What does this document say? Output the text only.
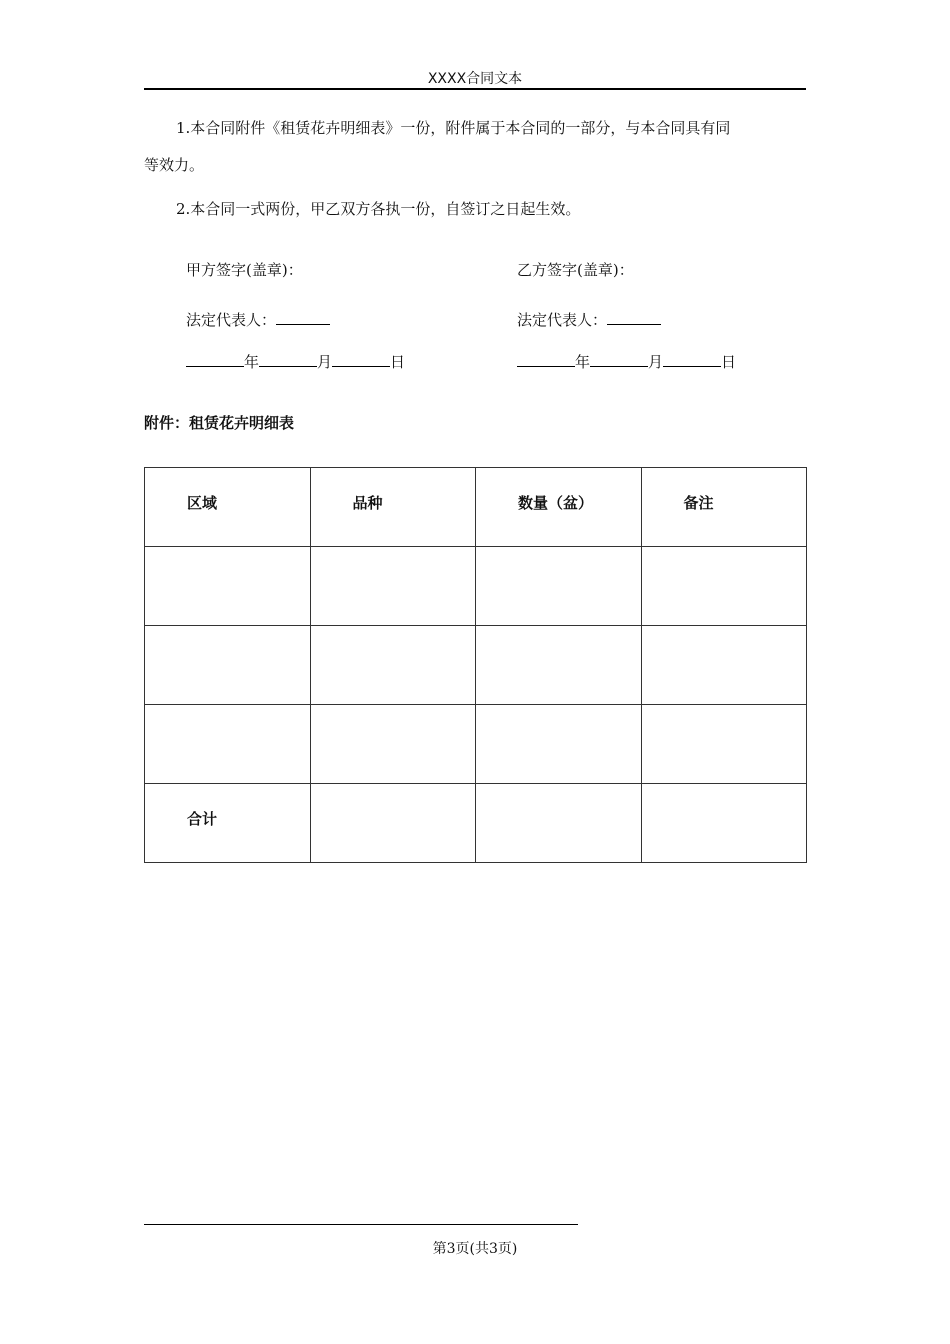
XXXX合同文本
1.本合同附件《租赁花卉明细表》一份，附件属于本合同的一部分，与本合同具有同
等效力。
2.本合同一式两份，甲乙双方各执一份，自签订之日起生效。
甲方签字(盖章)：
法定代表人：
年	月	日
乙方签字(盖章)：
法定代表人：
年	月	日
附件：租赁花卉明细表
区域	品种	数量（盆）	备注

合计			

第3页(共3页)
